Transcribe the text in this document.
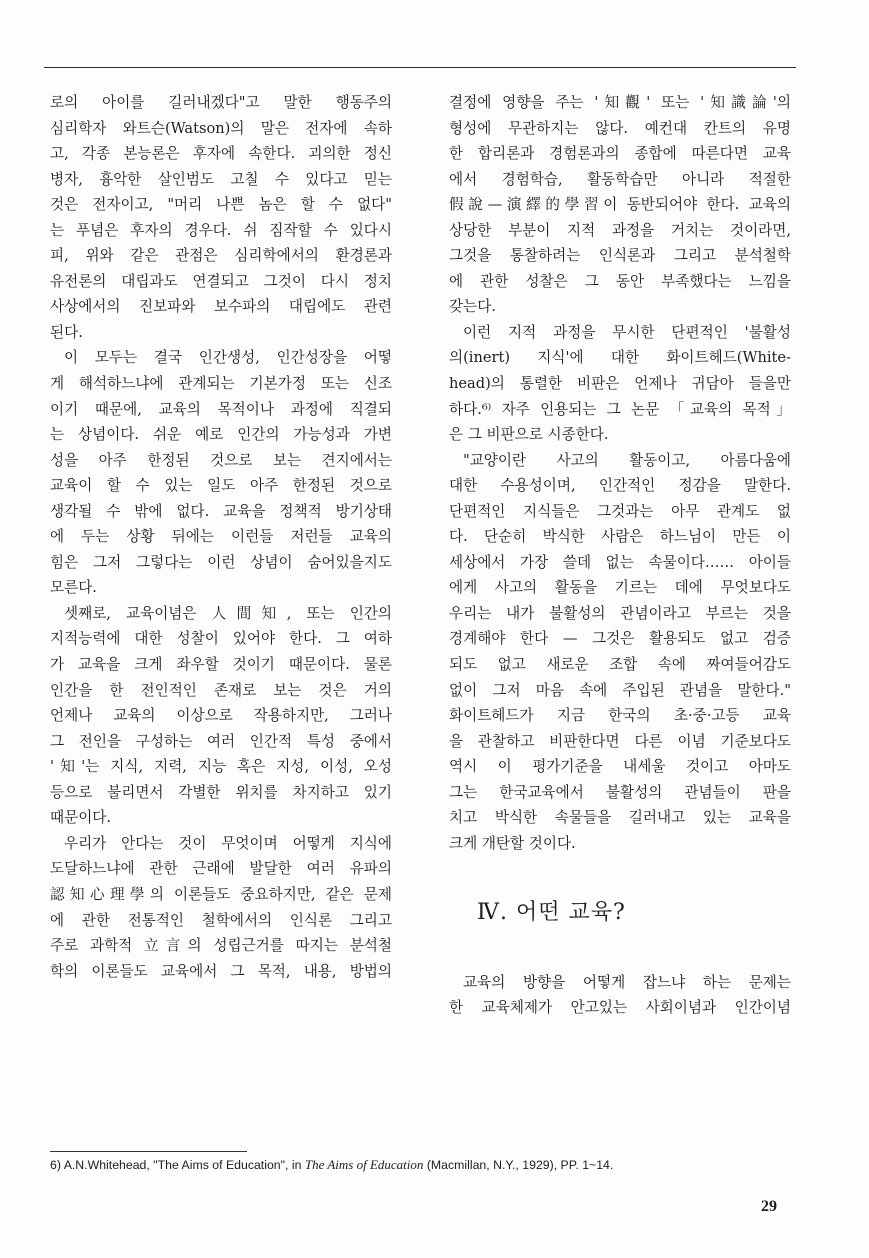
로의 아이를 길러내겠다"고 말한 행동주의
심리학자 와트슨(Watson)의 말은 전자에 속하
고, 각종 본능론은 후자에 속한다. 괴의한 정신
병자, 흉악한 살인범도 고칠 수 있다고 믿는
것은 전자이고, "머리 나쁜 놈은 할 수 없다"
는 푸념은 후자의 경우다. 쉬 짐작할 수 있다시
피, 위와 같은 관점은 심리학에서의 환경론과
유전론의 대립과도 연결되고 그것이 다시 정치
사상에서의 진보파와 보수파의 대립에도 관련
된다.
이 모두는 결국 인간생성, 인간성장을 어떻
게 해석하느냐에 관계되는 기본가정 또는 신조
이기 때문에, 교육의 목적이나 과정에 직결되
는 상념이다. 쉬운 예로 인간의 가능성과 가변
성을 아주 한정된 것으로 보는 견지에서는
교육이 할 수 있는 일도 아주 한정된 것으로
생각될 수 밖에 없다. 교육을 정책적 방기상태
에 두는 상황 뒤에는 이런들 저런들 교육의
힘은 그저 그렇다는 이런 상념이 숨어있을지도
모른다.
셋째로, 교육이념은 人間知, 또는 인간의
지적능력에 대한 성찰이 있어야 한다. 그 여하
가 교육을 크게 좌우할 것이기 때문이다. 물론
인간을 한 전인적인 존재로 보는 것은 거의
언제나 교육의 이상으로 작용하지만, 그러나
그 전인을 구성하는 여러 인간적 특성 중에서
'知'는 지식, 지력, 지능 혹은 지성, 이성, 오성
등으로 불리면서 각별한 위치를 차지하고 있기
때문이다.
우리가 안다는 것이 무엇이며 어떻게 지식에
도달하느냐에 관한 근래에 발달한 여러 유파의
認知心理學의 이론들도 중요하지만, 같은 문제
에 관한 전통적인 철학에서의 인식론 그리고
주로 과학적 立言의 성립근거를 따지는 분석철
학의 이론들도 교육에서 그 목적, 내용, 방법의
결정에 영향을 주는 '知觀' 또는 '知識論'의
형성에 무관하지는 않다. 예컨대 칸트의 유명
한 합리론과 경험론과의 종합에 따른다면 교육
에서 경험학습, 활동학습만 아니라 적절한
假說—演繹的學習이 동반되어야 한다. 교육의
상당한 부분이 지적 과정을 거치는 것이라면,
그것을 통찰하려는 인식론과 그리고 분석철학
에 관한 성찰은 그 동안 부족했다는 느낌을
갖는다.
이런 지적 과정을 무시한 단편적인 '불활성
의(inert) 지식'에 대한 화이트헤드(White-
head)의 통렬한 비판은 언제나 귀담아 들을만
하다.⁶⁾ 자주 인용되는 그 논문 「교육의 목적」
은 그 비판으로 시종한다.
"교양이란 사고의 활동이고, 아름다움에
대한 수용성이며, 인간적인 정감을 말한다.
단편적인 지식들은 그것과는 아무 관계도 없
다. 단순히 박식한 사람은 하느님이 만든 이
세상에서 가장 쓸데 없는 속물이다…… 아이들
에게 사고의 활동을 기르는 데에 무엇보다도
우리는 내가 불활성의 관념이라고 부르는 것을
경계해야 한다 — 그것은 활용되도 없고 검증
되도 없고 새로운 조합 속에 짜여들어감도
없이 그저 마음 속에 주입된 관념을 말한다."
화이트헤드가 지금 한국의 초·중·고등 교육
을 관찰하고 비판한다면 다른 이념 기준보다도
역시 이 평가기준을 내세울 것이고 아마도
그는 한국교육에서 불활성의 관념들이 판을
치고 박식한 속물들을 길러내고 있는 교육을
크게 개탄할 것이다.
Ⅳ. 어떤 교육?
교육의 방향을 어떻게 잡느냐 하는 문제는
한 교육체제가 안고있는 사회이념과 인간이념
6) A.N.Whitehead, "The Aims of Education", in The Aims of Education (Macmillan, N.Y., 1929), PP. 1~14.
29
